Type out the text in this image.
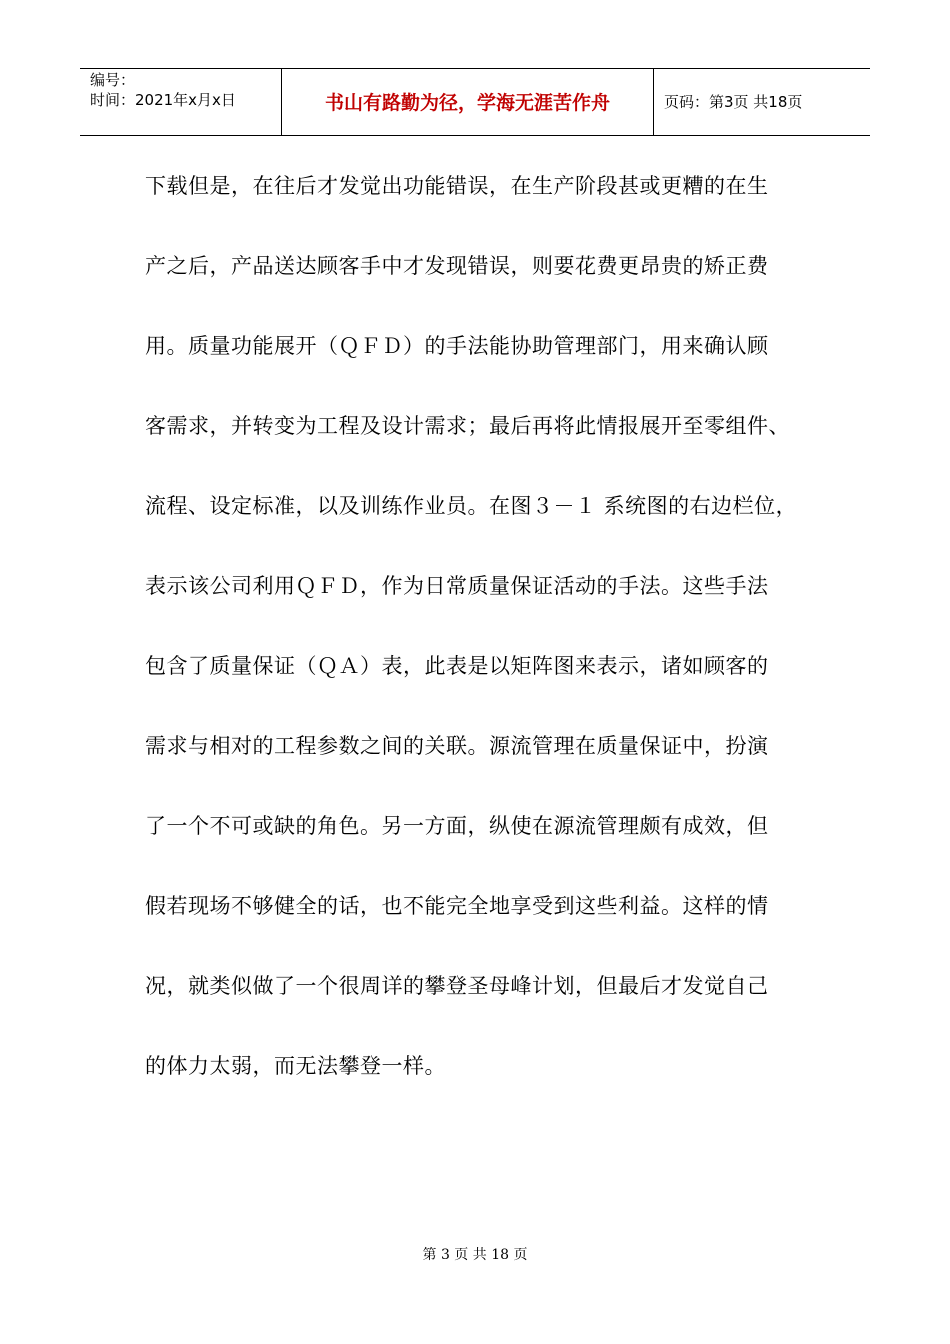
编号：
时间：2021年x月x日	书山有路勤为径，学海无涯苦作舟	页码：第3页 共18页
下载但是，在往后才发觉出功能错误，在生产阶段甚或更糟的在生
产之后，产品送达顾客手中才发现错误，则要花费更昂贵的矫正费
用。质量功能展开（ＱＦＤ）的手法能协助管理部门，用来确认顾
客需求，并转变为工程及设计需求；最后再将此情报展开至零组件、
流程、设定标准，以及训练作业员。在图３－１ 系统图的右边栏位，
表示该公司利用ＱＦＤ，作为日常质量保证活动的手法。这些手法
包含了质量保证（ＱＡ）表，此表是以矩阵图来表示，诸如顾客的
需求与相对的工程参数之间的关联。源流管理在质量保证中，扮演
了一个不可或缺的角色。另一方面，纵使在源流管理颇有成效，但
假若现场不够健全的话，也不能完全地享受到这些利益。这样的情
况，就类似做了一个很周详的攀登圣母峰计划，但最后才发觉自己
的体力太弱，而无法攀登一样。
第 3 页 共 18 页
